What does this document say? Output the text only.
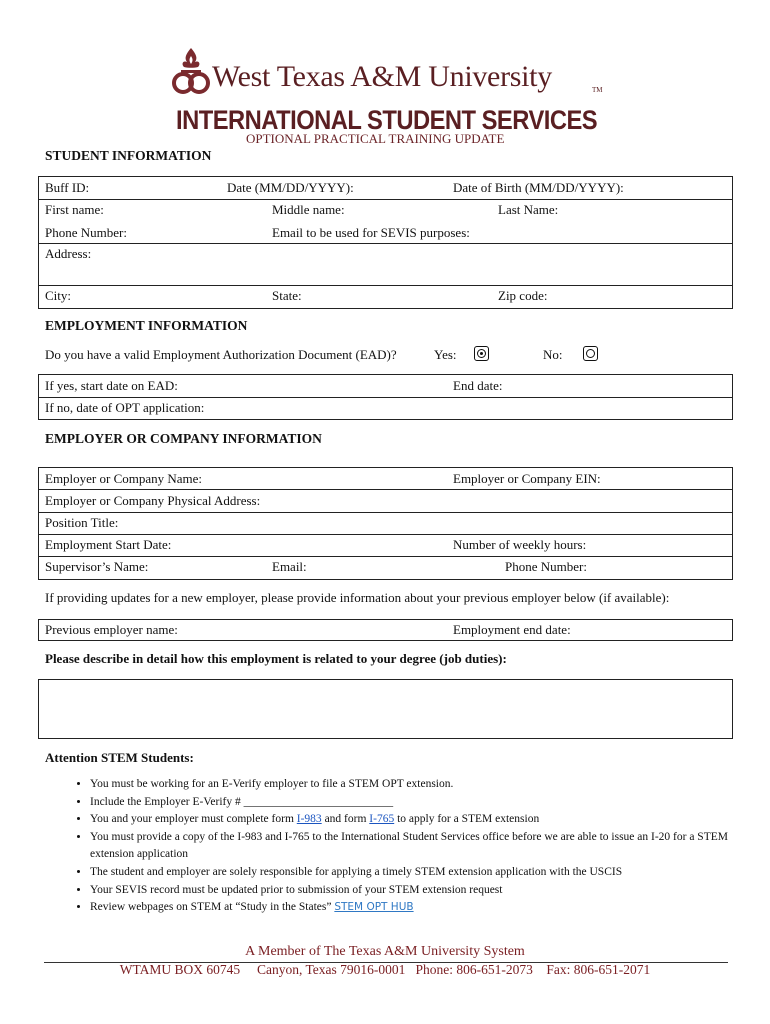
West Texas A&M University	TM
INTERNATIONAL STUDENT SERVICES
OPTIONAL PRACTICAL TRAINING UPDATE
STUDENT INFORMATION
Buff ID:	Date (MM/DD/YYYY):	Date of Birth (MM/DD/YYYY):
First name:	Middle name:	Last Name:
Phone Number:	Email to be used for SEVIS purposes:
Address:
City:	State:	Zip code:
EMPLOYMENT INFORMATION
Do you have a valid Employment Authorization Document (EAD)?	Yes:	No:
If yes, start date on EAD:	End date:
If no, date of OPT application:
EMPLOYER OR COMPANY INFORMATION
Employer or Company Name:	Employer or Company EIN:
Employer or Company Physical Address:
Position Title:
Employment Start Date:	Number of weekly hours:
Supervisor’s Name:	Email:	Phone Number:
If providing updates for a new employer, please provide information about your previous employer below (if available):
Previous employer name:	Employment end date:
Please describe in detail how this employment is related to your degree (job duties):
Attention STEM Students:
• You must be working for an E-Verify employer to file a STEM OPT extension.
• Include the Employer E-Verify # __________________________
• You and your employer must complete form I-983 and form I-765 to apply for a STEM extension
• You must provide a copy of the I-983 and I-765 to the International Student Services office before we are able to issue an I-20 for a STEM extension application
• The student and employer are solely responsible for applying a timely STEM extension application with the USCIS
• Your SEVIS record must be updated prior to submission of your STEM extension request
• Review webpages on STEM at “Study in the States” STEM OPT HUB
A Member of The Texas A&M University System
WTAMU BOX 60745     Canyon, Texas 79016-0001   Phone: 806-651-2073    Fax: 806-651-2071
